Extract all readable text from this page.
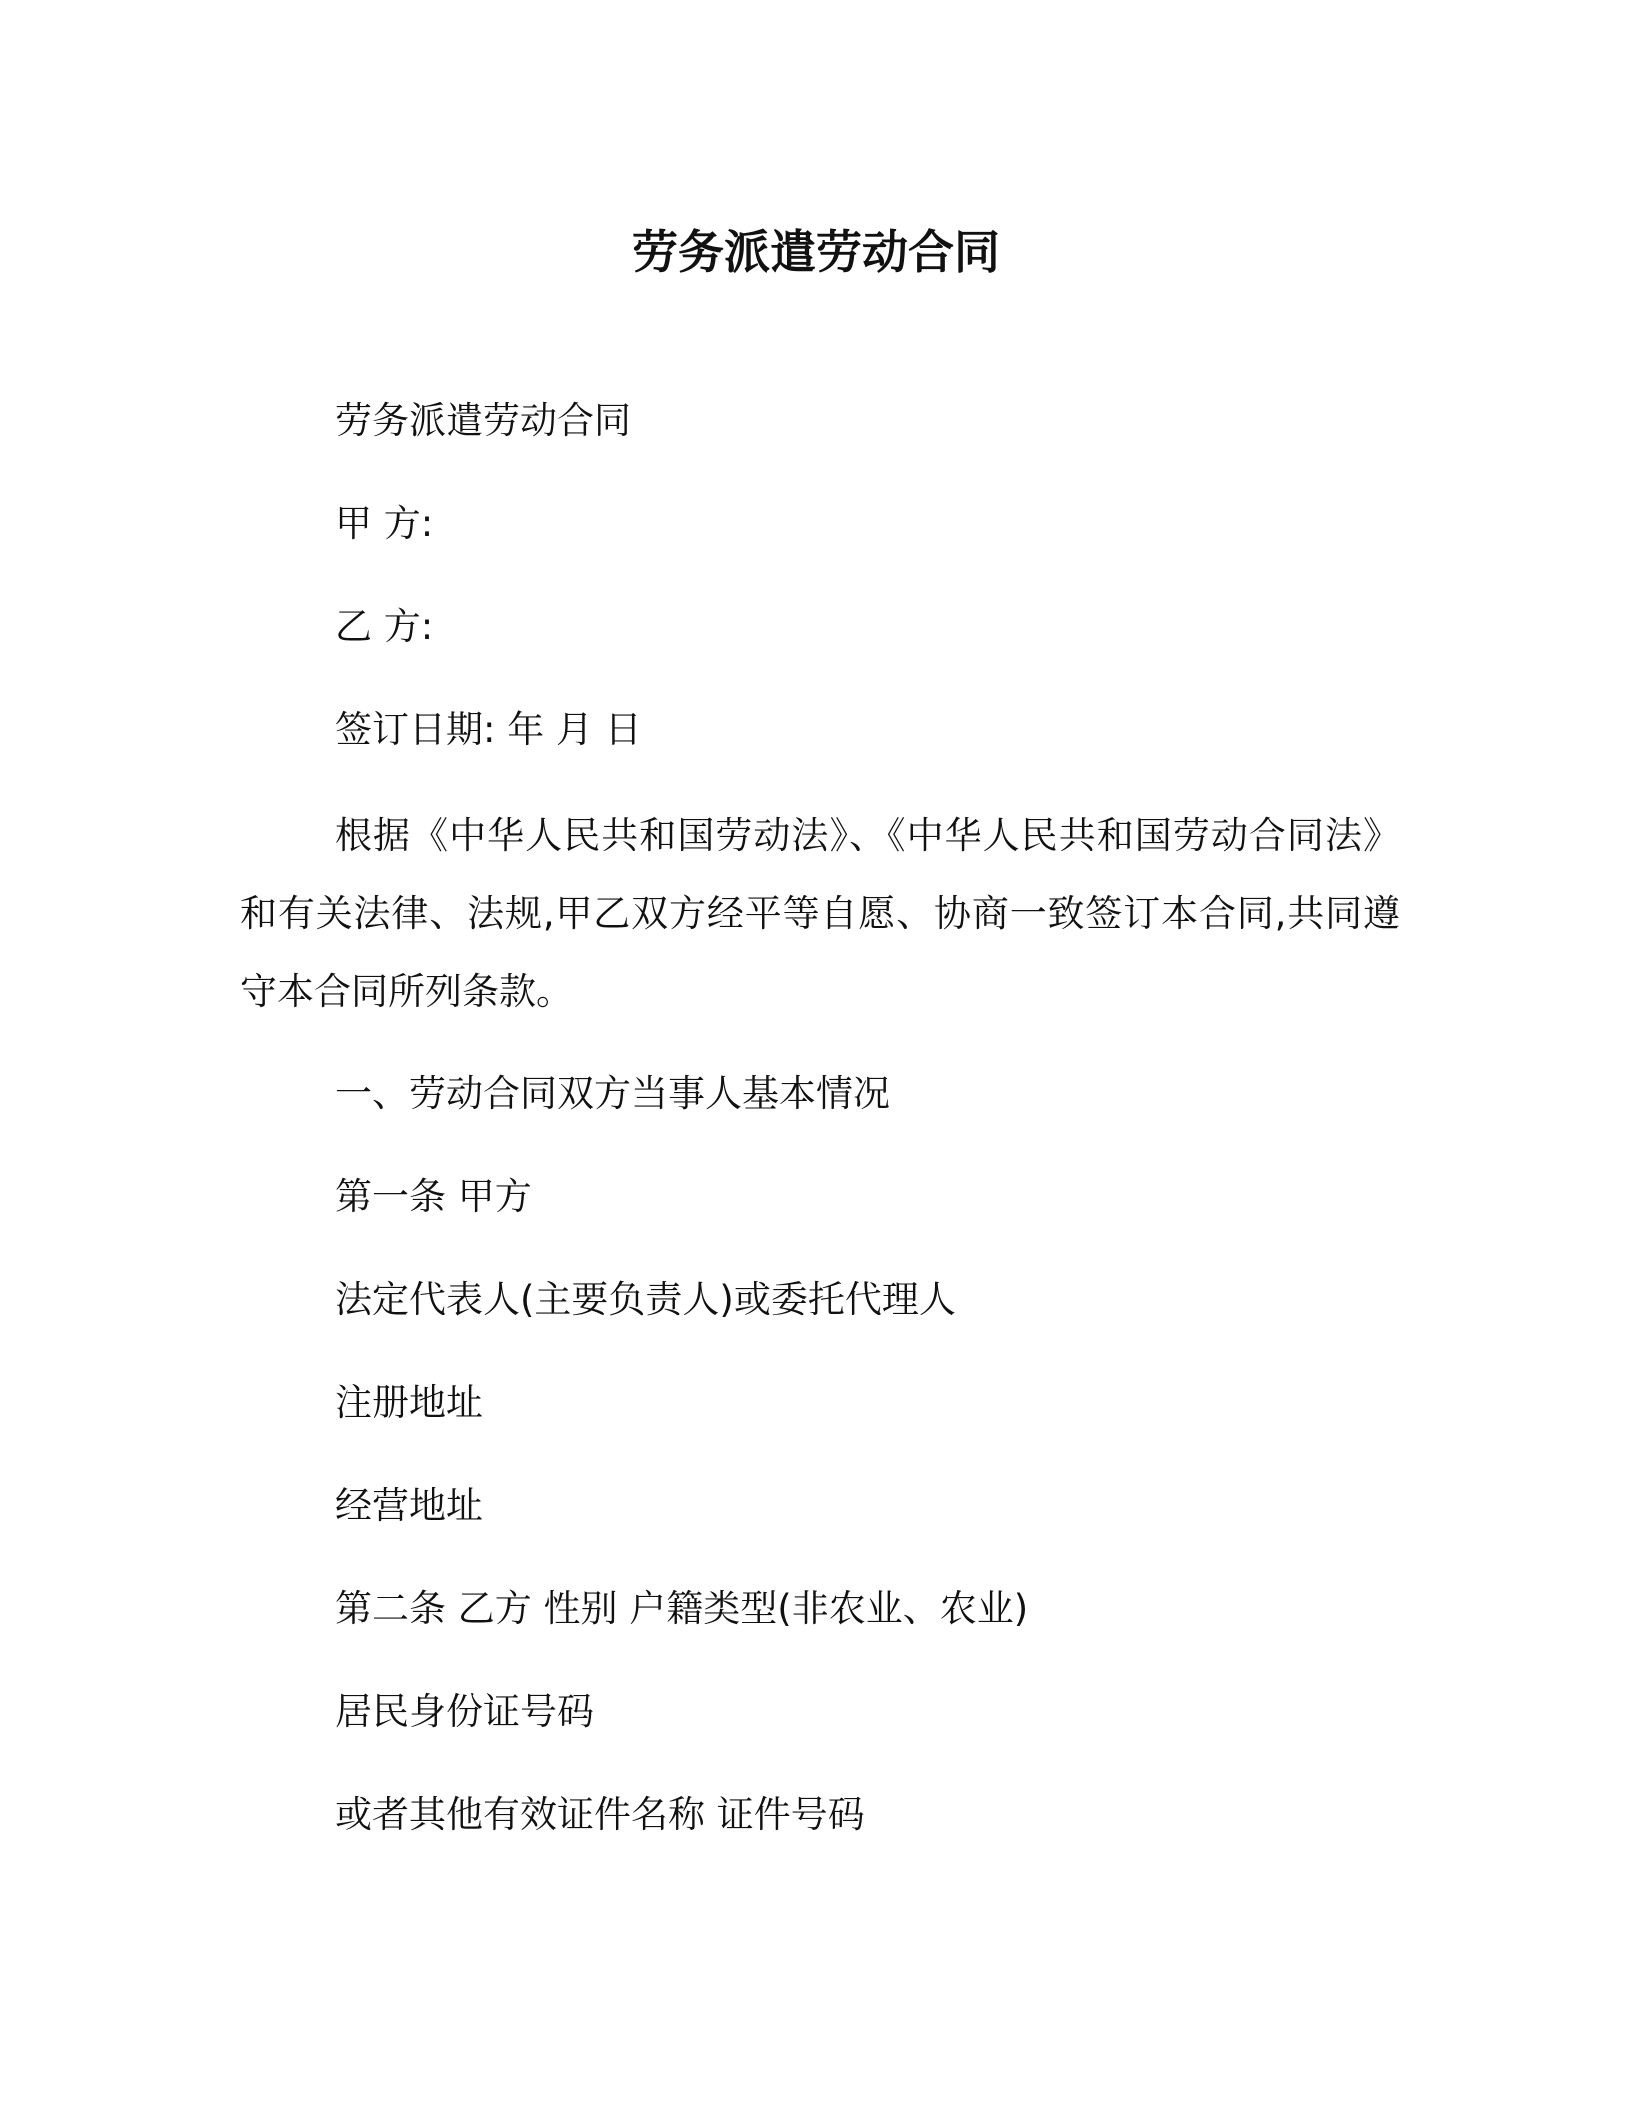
劳务派遣劳动合同
劳务派遣劳动合同
甲 方:
乙 方:
签订日期: 年 月 日
根据《中华人民共和国劳动法》、《中华人民共和国劳动合同法》和有关法律、法规,甲乙双方经平等自愿、协商一致签订本合同,共同遵守本合同所列条款。
一、劳动合同双方当事人基本情况
第一条 甲方
法定代表人(主要负责人)或委托代理人
注册地址
经营地址
第二条 乙方 性别 户籍类型(非农业、农业)
居民身份证号码
或者其他有效证件名称 证件号码
